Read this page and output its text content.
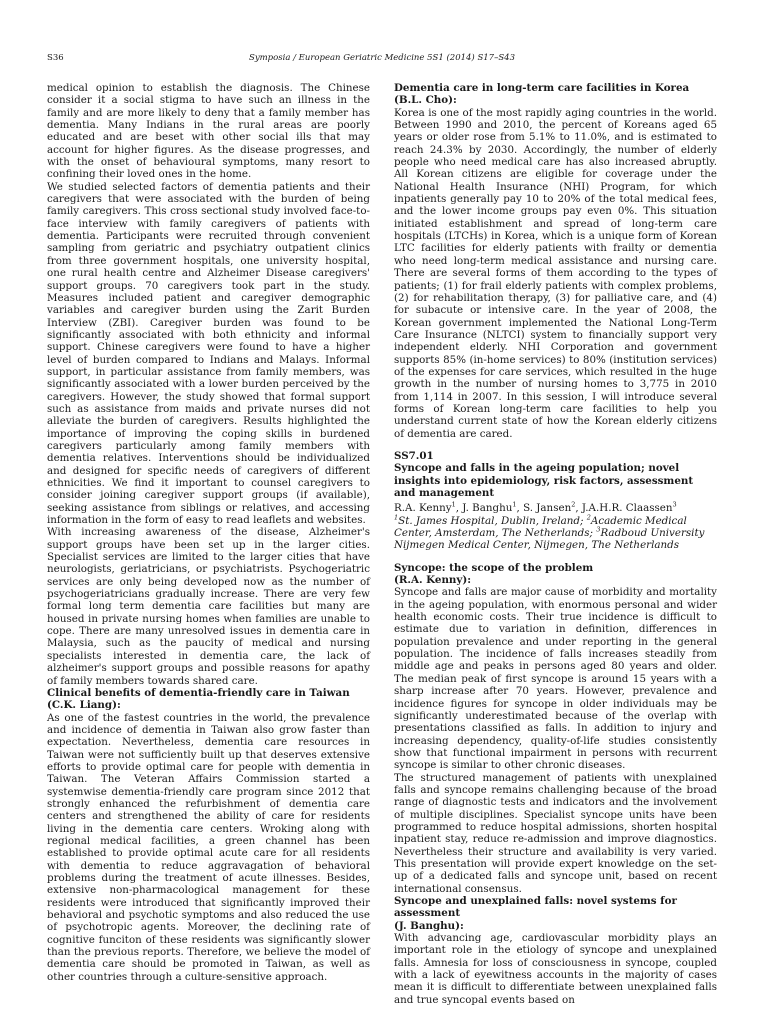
S36	Symposia / European Geriatric Medicine 5S1 (2014) S17–S43

medical opinion to establish the diagnosis. The Chinese consider it a social stigma to have such an illness in the family and are more likely to deny that a family member has dementia. Many Indians in the rural areas are poorly educated and are beset with other social ills that may account for higher figures. As the disease progresses, and with the onset of behavioural symptoms, many resort to confining their loved ones in the home.

We studied selected factors of dementia patients and their caregivers that were associated with the burden of being family caregivers. This cross sectional study involved face-to-face interview with family caregivers of patients with dementia. Participants were recruited through convenient sampling from geriatric and psychiatry outpatient clinics from three government hospitals, one university hospital, one rural health centre and Alzheimer Disease caregivers' support groups. 70 caregivers took part in the study. Measures included patient and caregiver demographic variables and caregiver burden using the Zarit Burden Interview (ZBI). Caregiver burden was found to be significantly associated with both ethnicity and informal support. Chinese caregivers were found to have a higher level of burden compared to Indians and Malays. Informal support, in particular assistance from family members, was significantly associated with a lower burden perceived by the caregivers. However, the study showed that formal support such as assistance from maids and private nurses did not alleviate the burden of caregivers. Results highlighted the importance of improving the coping skills in burdened caregivers particularly among family members with dementia relatives. Interventions should be individualized and designed for specific needs of caregivers of different ethnicities. We find it important to counsel caregivers to consider joining caregiver support groups (if available), seeking assistance from siblings or relatives, and accessing information in the form of easy to read leaflets and websites.

With increasing awareness of the disease, Alzheimer's support groups have been set up in the larger cities. Specialist services are limited to the larger cities that have neurologists, geriatricians, or psychiatrists. Psychogeriatric services are only being developed now as the number of psychogeriatricians gradually increase. There are very few formal long term dementia care facilities but many are housed in private nursing homes when families are unable to cope. There are many unresolved issues in dementia care in Malaysia, such as the paucity of medical and nursing specialists interested in dementia care, the lack of alzheimer's support groups and possible reasons for apathy of family members towards shared care.

Clinical benefits of dementia-friendly care in Taiwan

(C.K. Liang):

As one of the fastest countries in the world, the prevalence and incidence of dementia in Taiwan also grow faster than expectation. Nevertheless, dementia care resources in Taiwan were not sufficiently built up that deserves extensive efforts to provide optimal care for people with dementia in Taiwan. The Veteran Affairs Commission started a systemwise dementia-friendly care program since 2012 that strongly enhanced the refurbishment of dementia care centers and strengthened the ability of care for residents living in the dementia care centers. Wroking along with regional medical facilities, a green channel has been established to provide optimal acute care for all residents with dementia to reduce aggravagation of behavioral problems during the treatment of acute illnesses. Besides, extensive non-pharmacological management for these residents were introduced that significantly improved their behavioral and psychotic symptoms and also reduced the use of psychotropic agents. Moreover, the declining rate of cognitive funciton of these residents was significantly slower than the previous reports. Therefore, we believe the model of dementia care should be promoted in Taiwan, as well as other countries through a culture-sensitive approach.

Dementia care in long-term care facilities in Korea

(B.L. Cho):

Korea is one of the most rapidly aging countries in the world. Between 1990 and 2010, the percent of Koreans aged 65 years or older rose from 5.1% to 11.0%, and is estimated to reach 24.3% by 2030. Accordingly, the number of elderly people who need medical care has also increased abruptly. All Korean citizens are eligible for coverage under the National Health Insurance (NHI) Program, for which inpatients generally pay 10 to 20% of the total medical fees, and the lower income groups pay even 0%. This situation initiated establishment and spread of long-term care hospitals (LTCHs) in Korea, which is a unique form of Korean LTC facilities for elderly patients with frailty or dementia who need long-term medical assistance and nursing care. There are several forms of them according to the types of patients; (1) for frail elderly patients with complex problems, (2) for rehabilitation therapy, (3) for palliative care, and (4) for subacute or intensive care. In the year of 2008, the Korean government implemented the National Long-Term Care Insurance (NLTCI) system to financially support very independent elderly. NHI Corporation and government supports 85% (in-home services) to 80% (institution services) of the expenses for care services, which resulted in the huge growth in the number of nursing homes to 3,775 in 2010 from 1,114 in 2007. In this session, I will introduce several forms of Korean long-term care facilities to help you understand current state of how the Korean elderly citizens of dementia are cared.

SS7.01

Syncope and falls in the ageing population; novel insights into epidemiology, risk factors, assessment and management

R.A. Kenny$^1$, J. Banghu$^1$, S. Jansen$^2$, J.A.H.R. Claassen$^3$

$^1$St. James Hospital, Dublin, Ireland; $^2$Academic Medical Center, Amsterdam, The Netherlands; $^3$Radboud University Nijmegen Medical Center, Nijmegen, The Netherlands

Syncope: the scope of the problem

(R.A. Kenny):

Syncope and falls are major cause of morbidity and mortality in the ageing population, with enormous personal and wider health economic costs. Their true incidence is difficult to estimate due to variation in definition, differences in population prevalence and under reporting in the general population. The incidence of falls increases steadily from middle age and peaks in persons aged 80 years and older. The median peak of first syncope is around 15 years with a sharp increase after 70 years. However, prevalence and incidence figures for syncope in older individuals may be significantly underestimated because of the overlap with presentations classified as falls. In addition to injury and increasing dependency, quality-of-life studies consistently show that functional impairment in persons with recurrent syncope is similar to other chronic diseases.

The structured management of patients with unexplained falls and syncope remains challenging because of the broad range of diagnostic tests and indicators and the involvement of multiple disciplines. Specialist syncope units have been programmed to reduce hospital admissions, shorten hospital inpatient stay, reduce re-admission and improve diagnostics. Nevertheless their structure and availability is very varied. This presentation will provide expert knowledge on the set-up of a dedicated falls and syncope unit, based on recent international consensus.

Syncope and unexplained falls: novel systems for assessment

(J. Banghu):

With advancing age, cardiovascular morbidity plays an important role in the etiology of syncope and unexplained falls. Amnesia for loss of consciousness in syncope, coupled with a lack of eyewitness accounts in the majority of cases mean it is difficult to differentiate between unexplained falls and true syncopal events based on
